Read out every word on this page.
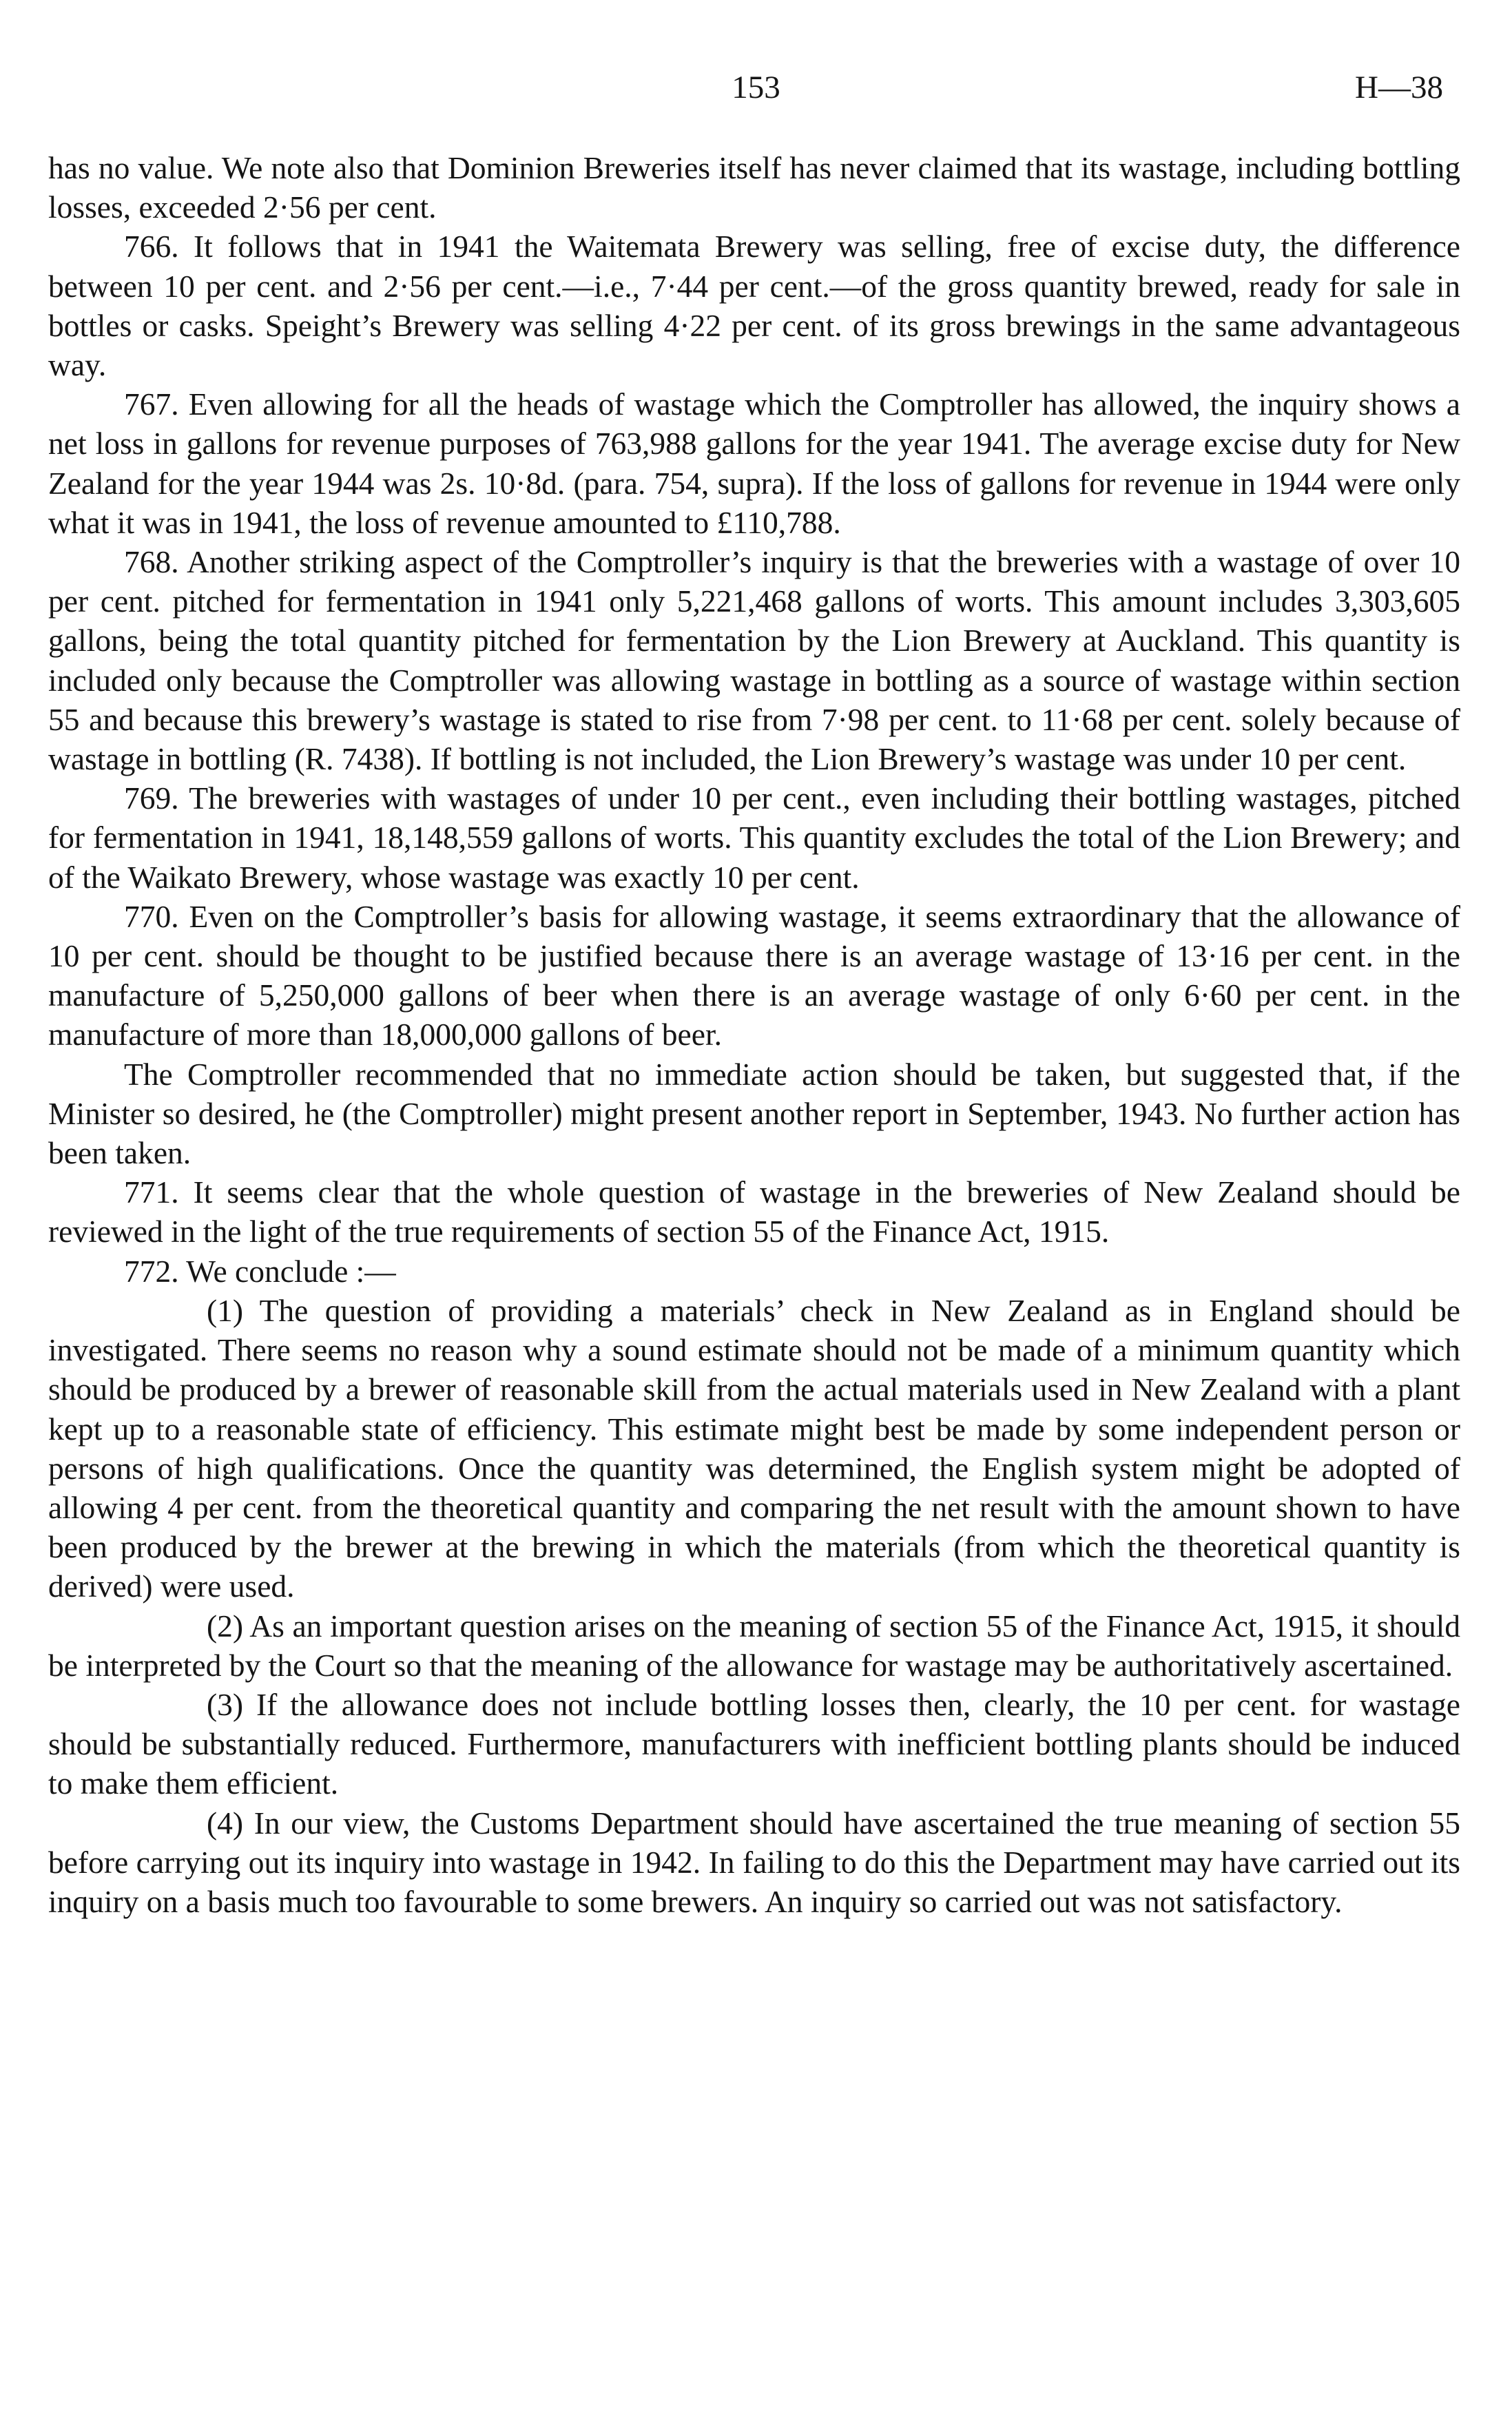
153	H—38

has no value. We note also that Dominion Breweries itself has never claimed that its wastage, including bottling losses, exceeded 2·56 per cent.

766. It follows that in 1941 the Waitemata Brewery was selling, free of excise duty, the difference between 10 per cent. and 2·56 per cent.—i.e., 7·44 per cent.—of the gross quantity brewed, ready for sale in bottles or casks. Speight’s Brewery was selling 4·22 per cent. of its gross brewings in the same advantageous way.

767. Even allowing for all the heads of wastage which the Comptroller has allowed, the inquiry shows a net loss in gallons for revenue purposes of 763,988 gallons for the year 1941. The average excise duty for New Zealand for the year 1944 was 2s. 10·8d. (para. 754, supra). If the loss of gallons for revenue in 1944 were only what it was in 1941, the loss of revenue amounted to £110,788.

768. Another striking aspect of the Comptroller’s inquiry is that the breweries with a wastage of over 10 per cent. pitched for fermentation in 1941 only 5,221,468 gallons of worts. This amount includes 3,303,605 gallons, being the total quantity pitched for fermentation by the Lion Brewery at Auckland. This quantity is included only because the Comptroller was allowing wastage in bottling as a source of wastage within section 55 and because this brewery’s wastage is stated to rise from 7·98 per cent. to 11·68 per cent. solely because of wastage in bottling (R. 7438). If bottling is not included, the Lion Brewery’s wastage was under 10 per cent.

769. The breweries with wastages of under 10 per cent., even including their bottling wastages, pitched for fermentation in 1941, 18,148,559 gallons of worts. This quantity excludes the total of the Lion Brewery; and of the Waikato Brewery, whose wastage was exactly 10 per cent.

770. Even on the Comptroller’s basis for allowing wastage, it seems extraordinary that the allowance of 10 per cent. should be thought to be justified because there is an average wastage of 13·16 per cent. in the manufacture of 5,250,000 gallons of beer when there is an average wastage of only 6·60 per cent. in the manufacture of more than 18,000,000 gallons of beer.

The Comptroller recommended that no immediate action should be taken, but suggested that, if the Minister so desired, he (the Comptroller) might present another report in September, 1943. No further action has been taken.

771. It seems clear that the whole question of wastage in the breweries of New Zealand should be reviewed in the light of the true requirements of section 55 of the Finance Act, 1915.

772. We conclude :—

(1) The question of providing a materials’ check in New Zealand as in England should be investigated. There seems no reason why a sound estimate should not be made of a minimum quantity which should be produced by a brewer of reasonable skill from the actual materials used in New Zealand with a plant kept up to a reasonable state of efficiency. This estimate might best be made by some independent person or persons of high qualifications. Once the quantity was determined, the English system might be adopted of allowing 4 per cent. from the theoretical quantity and comparing the net result with the amount shown to have been produced by the brewer at the brewing in which the materials (from which the theoretical quantity is derived) were used.

(2) As an important question arises on the meaning of section 55 of the Finance Act, 1915, it should be interpreted by the Court so that the meaning of the allowance for wastage may be authoritatively ascertained.

(3) If the allowance does not include bottling losses then, clearly, the 10 per cent. for wastage should be substantially reduced. Furthermore, manufacturers with inefficient bottling plants should be induced to make them efficient.

(4) In our view, the Customs Department should have ascertained the true meaning of section 55 before carrying out its inquiry into wastage in 1942. In failing to do this the Department may have carried out its inquiry on a basis much too favourable to some brewers. An inquiry so carried out was not satisfactory.
